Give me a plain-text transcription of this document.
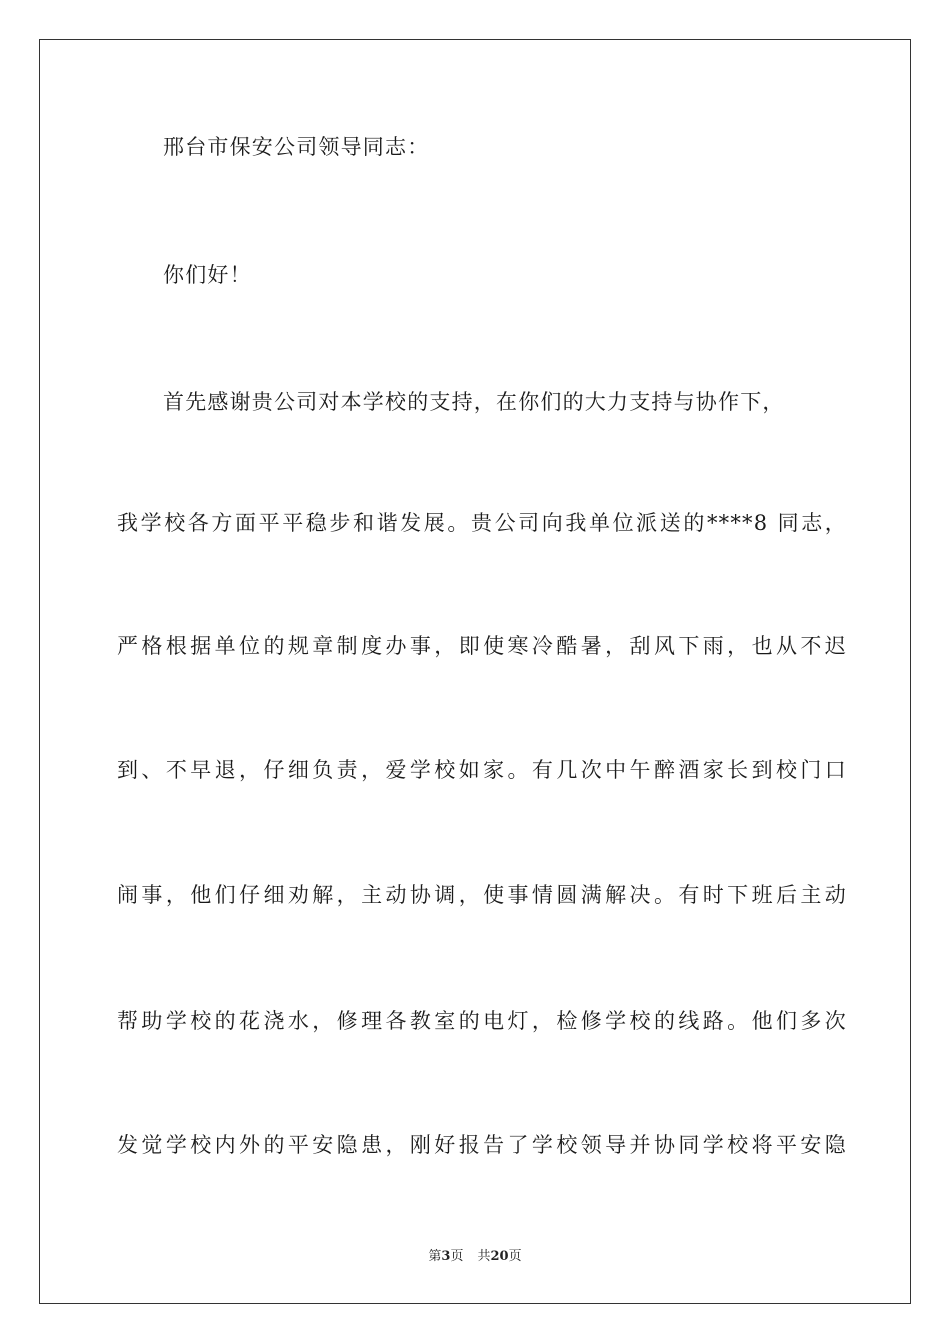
邢台市保安公司领导同志：
你们好！
首先感谢贵公司对本学校的支持，在你们的大力支持与协作下，
我学校各方面平平稳步和谐发展。贵公司向我单位派送的****8 同志，
严格根据单位的规章制度办事，即使寒冷酷暑，刮风下雨，也从不迟
到、不早退，仔细负责，爱学校如家。有几次中午醉酒家长到校门口
闹事，他们仔细劝解，主动协调，使事情圆满解决。有时下班后主动
帮助学校的花浇水，修理各教室的电灯，检修学校的线路。他们多次
发觉学校内外的平安隐患，刚好报告了学校领导并协同学校将平安隐
第3页 共20页
